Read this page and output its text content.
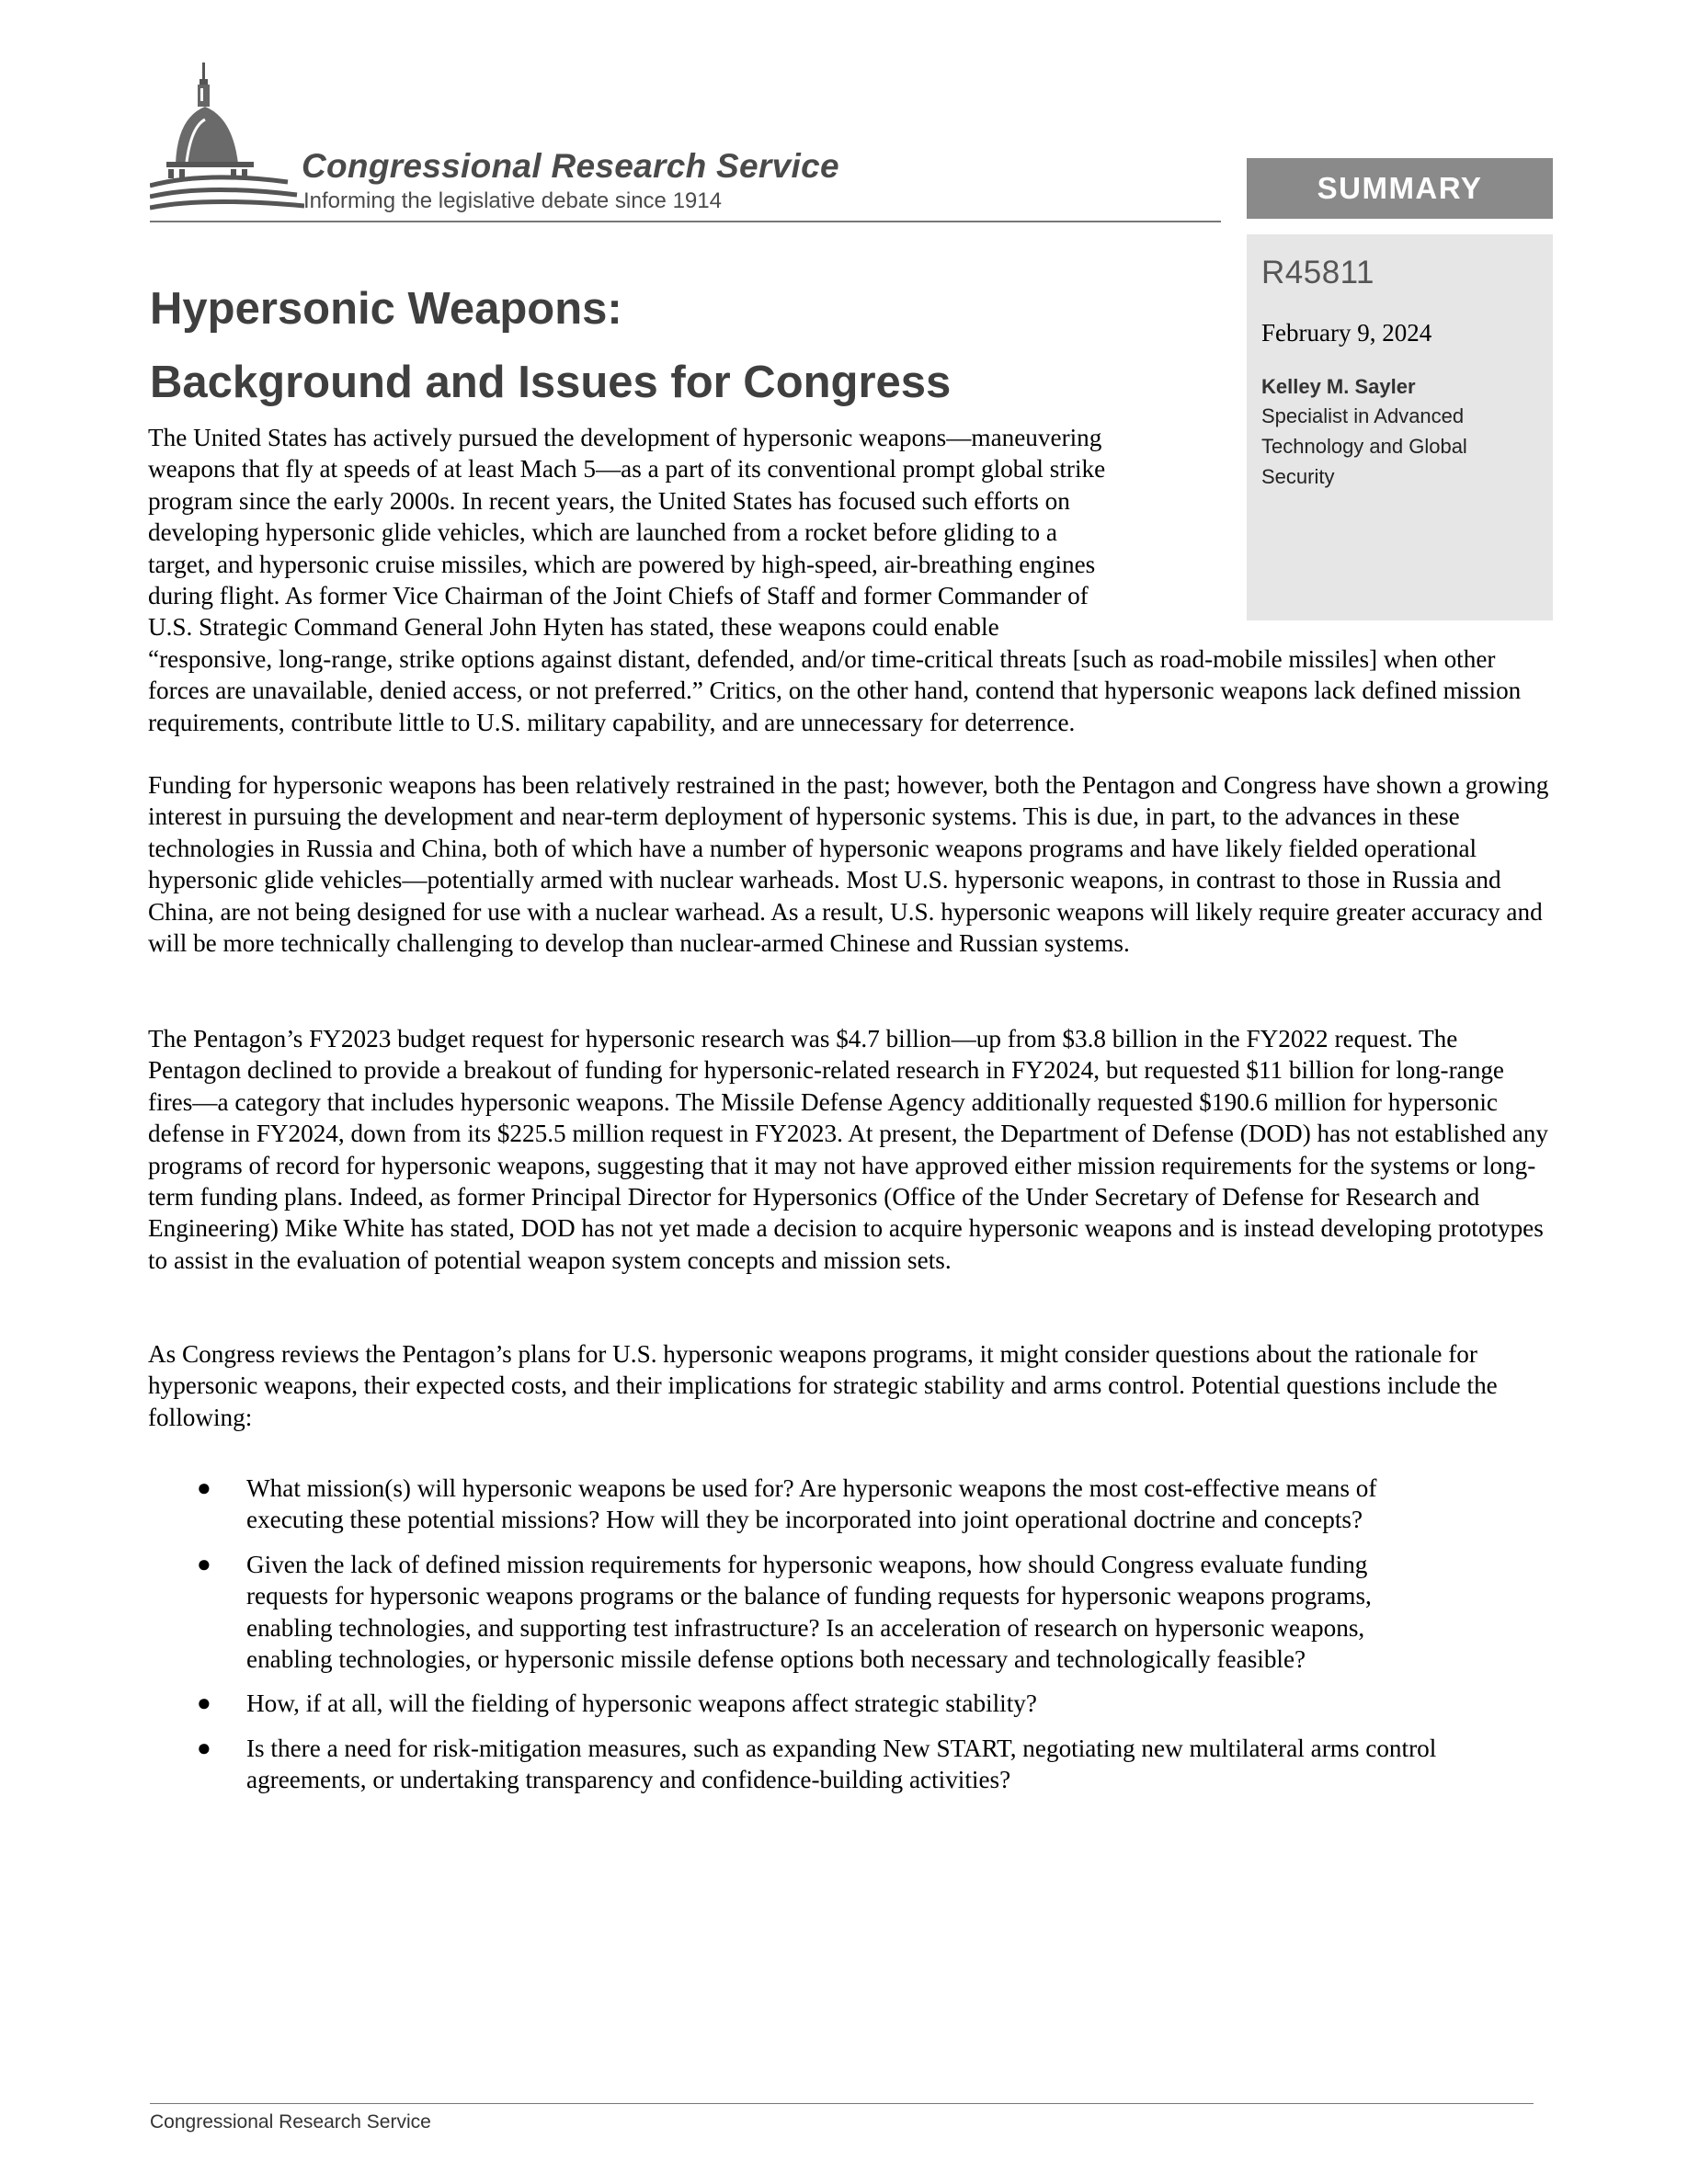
Congressional Research Service
Informing the legislative debate since 1914	SUMMARY
R45811
February 9, 2024
Kelley M. Sayler
Specialist in Advanced
Technology and Global
Security
Hypersonic Weapons:
Background and Issues for Congress
The United States has actively pursued the development of hypersonic weapons—maneuvering
weapons that fly at speeds of at least Mach 5—as a part of its conventional prompt global strike
program since the early 2000s. In recent years, the United States has focused such efforts on
developing hypersonic glide vehicles, which are launched from a rocket before gliding to a
target, and hypersonic cruise missiles, which are powered by high-speed, air-breathing engines
during flight. As former Vice Chairman of the Joint Chiefs of Staff and former Commander of
U.S. Strategic Command General John Hyten has stated, these weapons could enable

“responsive, long-range, strike options against distant, defended, and/or time-critical threats [such as road-mobile missiles] when other forces are unavailable, denied access, or not preferred.” Critics, on the other hand, contend that hypersonic weapons lack defined mission requirements, contribute little to U.S. military capability, and are unnecessary for deterrence.

Funding for hypersonic weapons has been relatively restrained in the past; however, both the Pentagon and Congress have shown a growing interest in pursuing the development and near-term deployment of hypersonic systems. This is due, in part, to the advances in these technologies in Russia and China, both of which have a number of hypersonic weapons programs and have likely fielded operational hypersonic glide vehicles—potentially armed with nuclear warheads. Most U.S. hypersonic weapons, in contrast to those in Russia and China, are not being designed for use with a nuclear warhead. As a result, U.S. hypersonic weapons will likely require greater accuracy and will be more technically challenging to develop than nuclear-armed Chinese and Russian systems.

The Pentagon’s FY2023 budget request for hypersonic research was $4.7 billion—up from $3.8 billion in the FY2022 request. The Pentagon declined to provide a breakout of funding for hypersonic-related research in FY2024, but requested $11 billion for long-range fires—a category that includes hypersonic weapons. The Missile Defense Agency additionally requested $190.6 million for hypersonic defense in FY2024, down from its $225.5 million request in FY2023. At present, the Department of Defense (DOD) has not established any programs of record for hypersonic weapons, suggesting that it may not have approved either mission requirements for the systems or long-term funding plans. Indeed, as former Principal Director for Hypersonics (Office of the Under Secretary of Defense for Research and Engineering) Mike White has stated, DOD has not yet made a decision to acquire hypersonic weapons and is instead developing prototypes to assist in the evaluation of potential weapon system concepts and mission sets.

As Congress reviews the Pentagon’s plans for U.S. hypersonic weapons programs, it might consider questions about the rationale for hypersonic weapons, their expected costs, and their implications for strategic stability and arms control. Potential questions include the following:

● What mission(s) will hypersonic weapons be used for? Are hypersonic weapons the most cost-effective means of executing these potential missions? How will they be incorporated into joint operational doctrine and concepts?
● Given the lack of defined mission requirements for hypersonic weapons, how should Congress evaluate funding requests for hypersonic weapons programs or the balance of funding requests for hypersonic weapons programs, enabling technologies, and supporting test infrastructure? Is an acceleration of research on hypersonic weapons, enabling technologies, or hypersonic missile defense options both necessary and technologically feasible?
● How, if at all, will the fielding of hypersonic weapons affect strategic stability?
● Is there a need for risk-mitigation measures, such as expanding New START, negotiating new multilateral arms control agreements, or undertaking transparency and confidence-building activities?
Congressional Research Service
